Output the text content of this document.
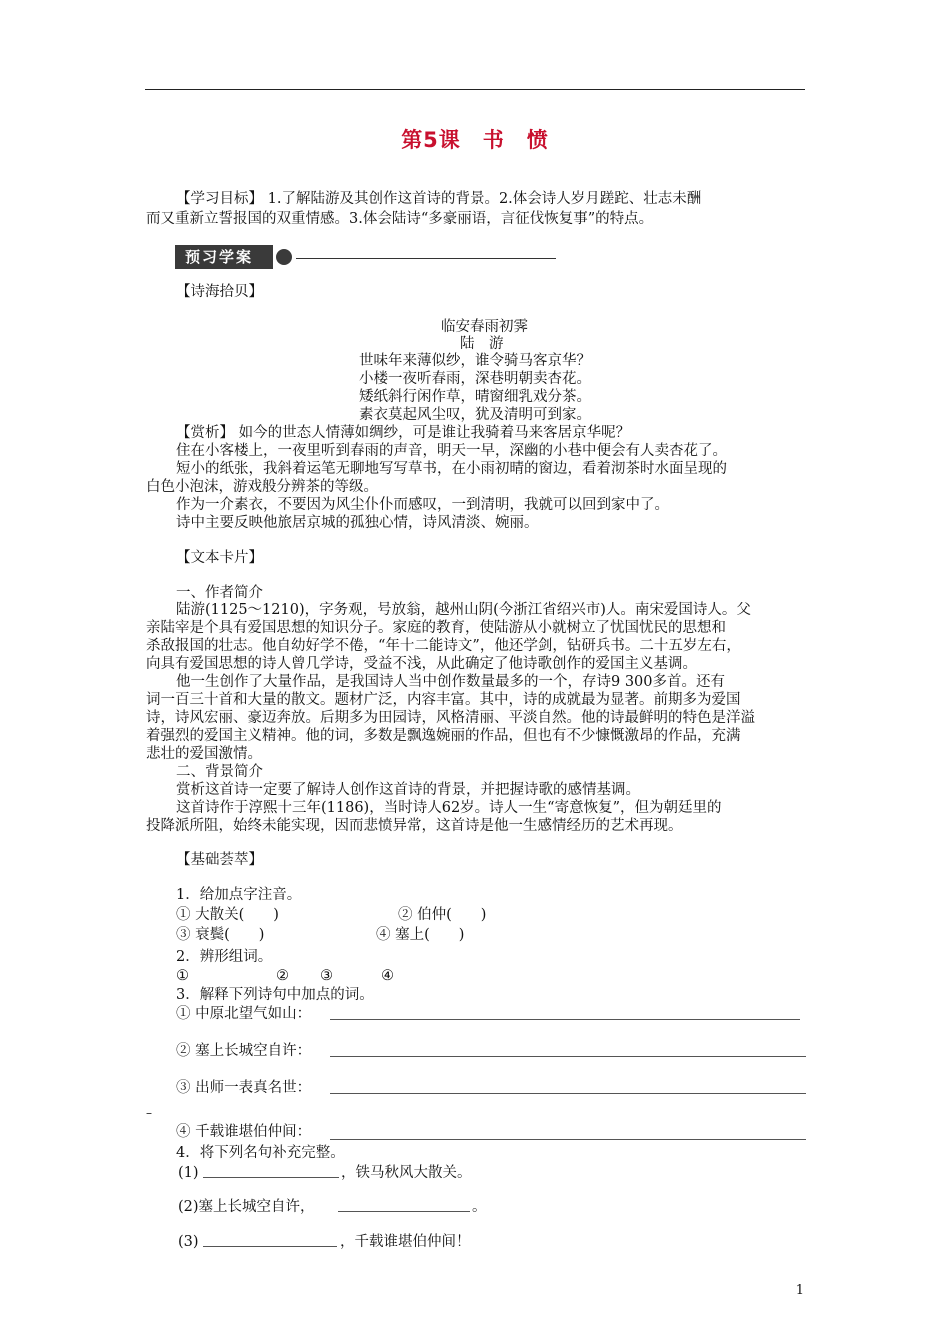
第5课　书　愤
【学习目标】 1.了解陆游及其创作这首诗的背景。2.体会诗人岁月蹉跎、壮志未酬
而又重新立誓报国的双重情感。3.体会陆诗“多豪丽语，言征伐恢复事”的特点。
预习学案
【诗海拾贝】
临安春雨初霁
陆　游
世味年来薄似纱，谁令骑马客京华？
小楼一夜听春雨，深巷明朝卖杏花。
矮纸斜行闲作草，晴窗细乳戏分茶。
素衣莫起风尘叹，犹及清明可到家。
【赏析】 如今的世态人情薄如绸纱，可是谁让我骑着马来客居京华呢？
住在小客楼上，一夜里听到春雨的声音，明天一早，深幽的小巷中便会有人卖杏花了。
短小的纸张，我斜着运笔无聊地写写草书，在小雨初晴的窗边，看着沏茶时水面呈现的
白色小泡沫，游戏般分辨茶的等级。
作为一介素衣，不要因为风尘仆仆而感叹，一到清明，我就可以回到家中了。
诗中主要反映他旅居京城的孤独心情，诗风清淡、婉丽。
【文本卡片】
一、作者简介
陆游(1125～1210)，字务观，号放翁，越州山阴(今浙江省绍兴市)人。南宋爱国诗人。父
亲陆宰是个具有爱国思想的知识分子。家庭的教育，使陆游从小就树立了忧国忧民的思想和
杀敌报国的壮志。他自幼好学不倦，“年十二能诗文”，他还学剑，钻研兵书。二十五岁左右，
向具有爱国思想的诗人曾几学诗，受益不浅，从此确定了他诗歌创作的爱国主义基调。
他一生创作了大量作品，是我国诗人当中创作数量最多的一个，存诗9 300多首。还有
词一百三十首和大量的散文。题材广泛，内容丰富。其中，诗的成就最为显著。前期多为爱国
诗，诗风宏丽、豪迈奔放。后期多为田园诗，风格清丽、平淡自然。他的诗最鲜明的特色是洋溢
着强烈的爱国主义精神。他的词，多数是飘逸婉丽的作品，但也有不少慷慨激昂的作品，充满
悲壮的爱国激情。
二、背景简介
赏析这首诗一定要了解诗人创作这首诗的背景，并把握诗歌的感情基调。
这首诗作于淳熙十三年(1186)，当时诗人62岁。诗人一生“寄意恢复”，但为朝廷里的
投降派所阻，始终未能实现，因而悲愤异常，这首诗是他一生感情经历的艺术再现。
【基础荟萃】
1．给加点字注音。
① 大散关(　　)	② 伯仲(　　)
③ 衰鬓(　　)	④ 塞上(　　)
2．辨形组词。
①	② ③	④
3．解释下列诗句中加点的词。
① 中原北望气如山：
② 塞上长城空自许：
③ 出师一表真名世：
–
④ 千载谁堪伯仲间：
4．将下列名句补充完整。
(1)	，铁马秋风大散关。
(2)塞上长城空自许，	。
(3)	，千载谁堪伯仲间！
1
